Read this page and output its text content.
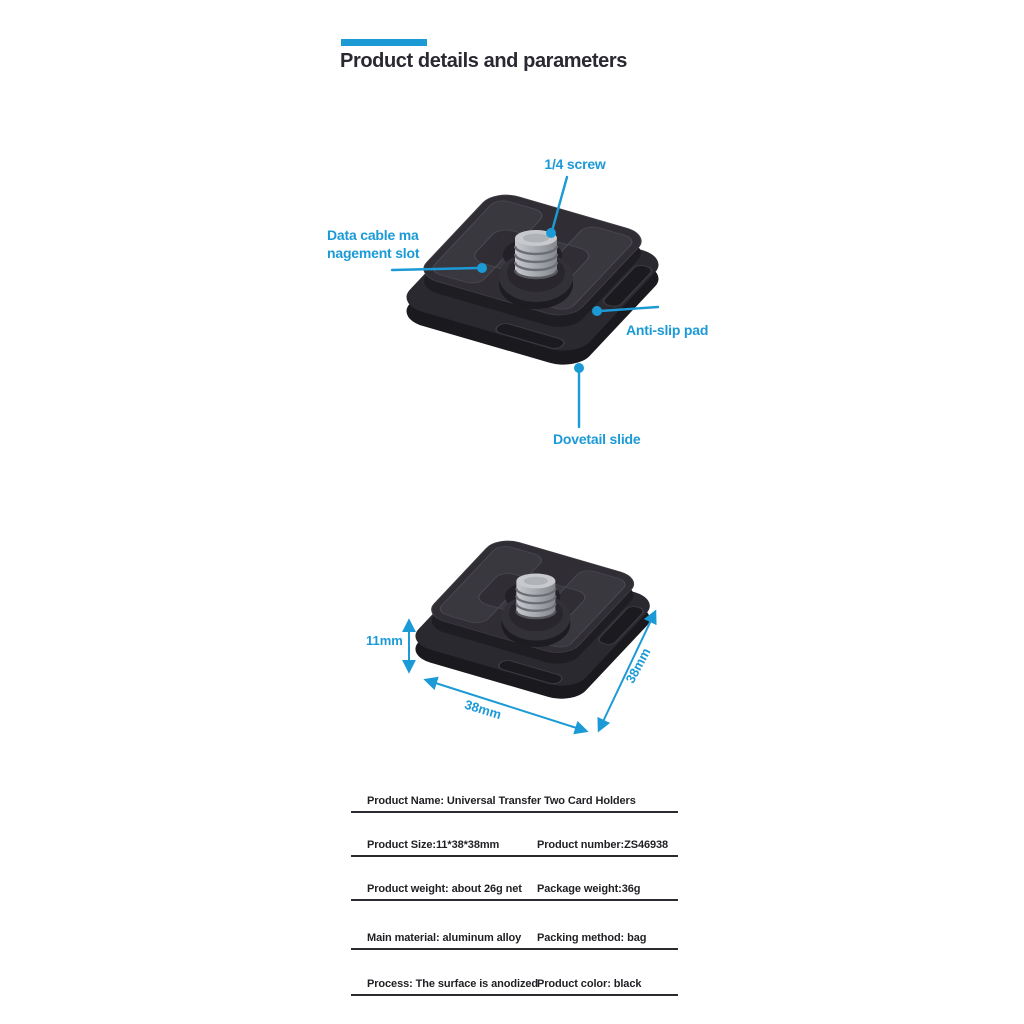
Product details and parameters
1/4 screw
Data cable ma
nagement slot
Anti-slip pad
Dovetail slide
11mm
38mm
38mm
Product Name: Universal Transfer Two Card Holders
Product Size:11*38*38mm	Product number:ZS46938
Product weight: about 26g net Package weight:36g
Main material: aluminum alloy Packing method: bag
Process: The surface is anodized
Product color: black
